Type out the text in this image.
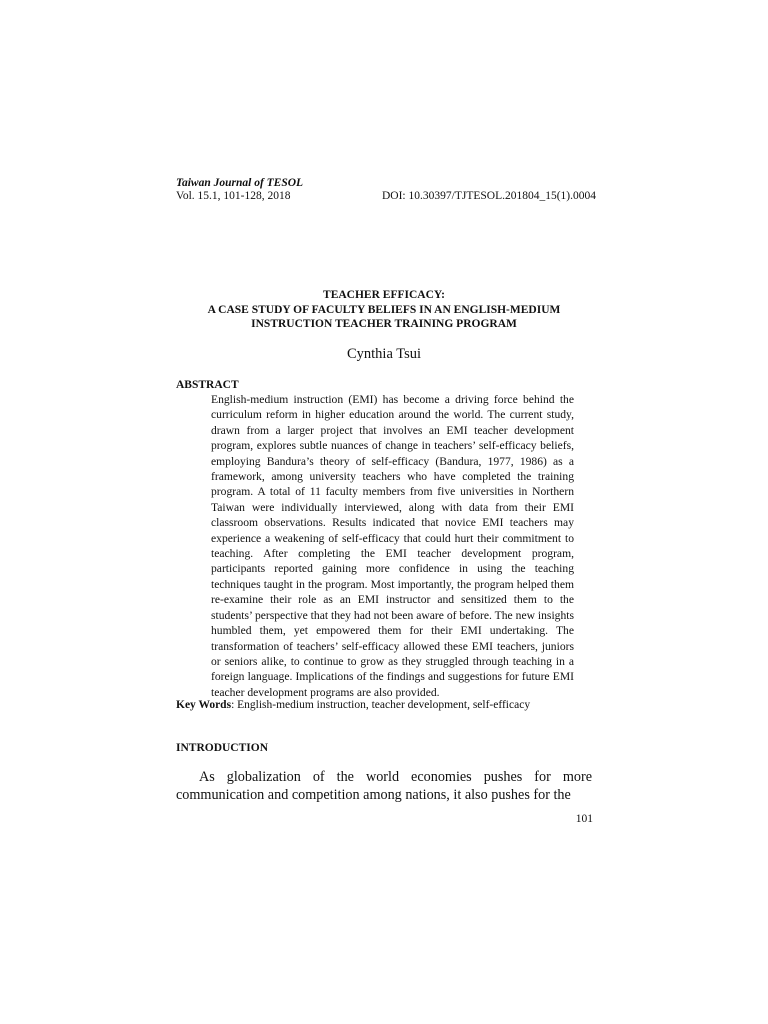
Taiwan Journal of TESOL
Vol. 15.1, 101-128, 2018	DOI: 10.30397/TJTESOL.201804_15(1).0004
TEACHER EFFICACY:
A CASE STUDY OF FACULTY BELIEFS IN AN ENGLISH-MEDIUM
INSTRUCTION TEACHER TRAINING PROGRAM
Cynthia Tsui
ABSTRACT

English-medium instruction (EMI) has become a driving force behind the curriculum reform in higher education around the world. The current study, drawn from a larger project that involves an EMI teacher development program, explores subtle nuances of change in teachers’ self-efficacy beliefs, employing Bandura’s theory of self-efficacy (Bandura, 1977, 1986) as a framework, among university teachers who have completed the training program. A total of 11 faculty members from five universities in Northern Taiwan were individually interviewed, along with data from their EMI classroom observations. Results indicated that novice EMI teachers may experience a weakening of self-efficacy that could hurt their commitment to teaching. After completing the EMI teacher development program, participants reported gaining more confidence in using the teaching techniques taught in the program. Most importantly, the program helped them re-examine their role as an EMI instructor and sensitized them to the students’ perspective that they had not been aware of before. The new insights humbled them, yet empowered them for their EMI undertaking. The transformation of teachers’ self-efficacy allowed these EMI teachers, juniors or seniors alike, to continue to grow as they struggled through teaching in a foreign language. Implications of the findings and suggestions for future EMI teacher development programs are also provided.

Key Words: English-medium instruction, teacher development, self-efficacy
INTRODUCTION

As globalization of the world economies pushes for more communication and competition among nations, it also pushes for the

101
